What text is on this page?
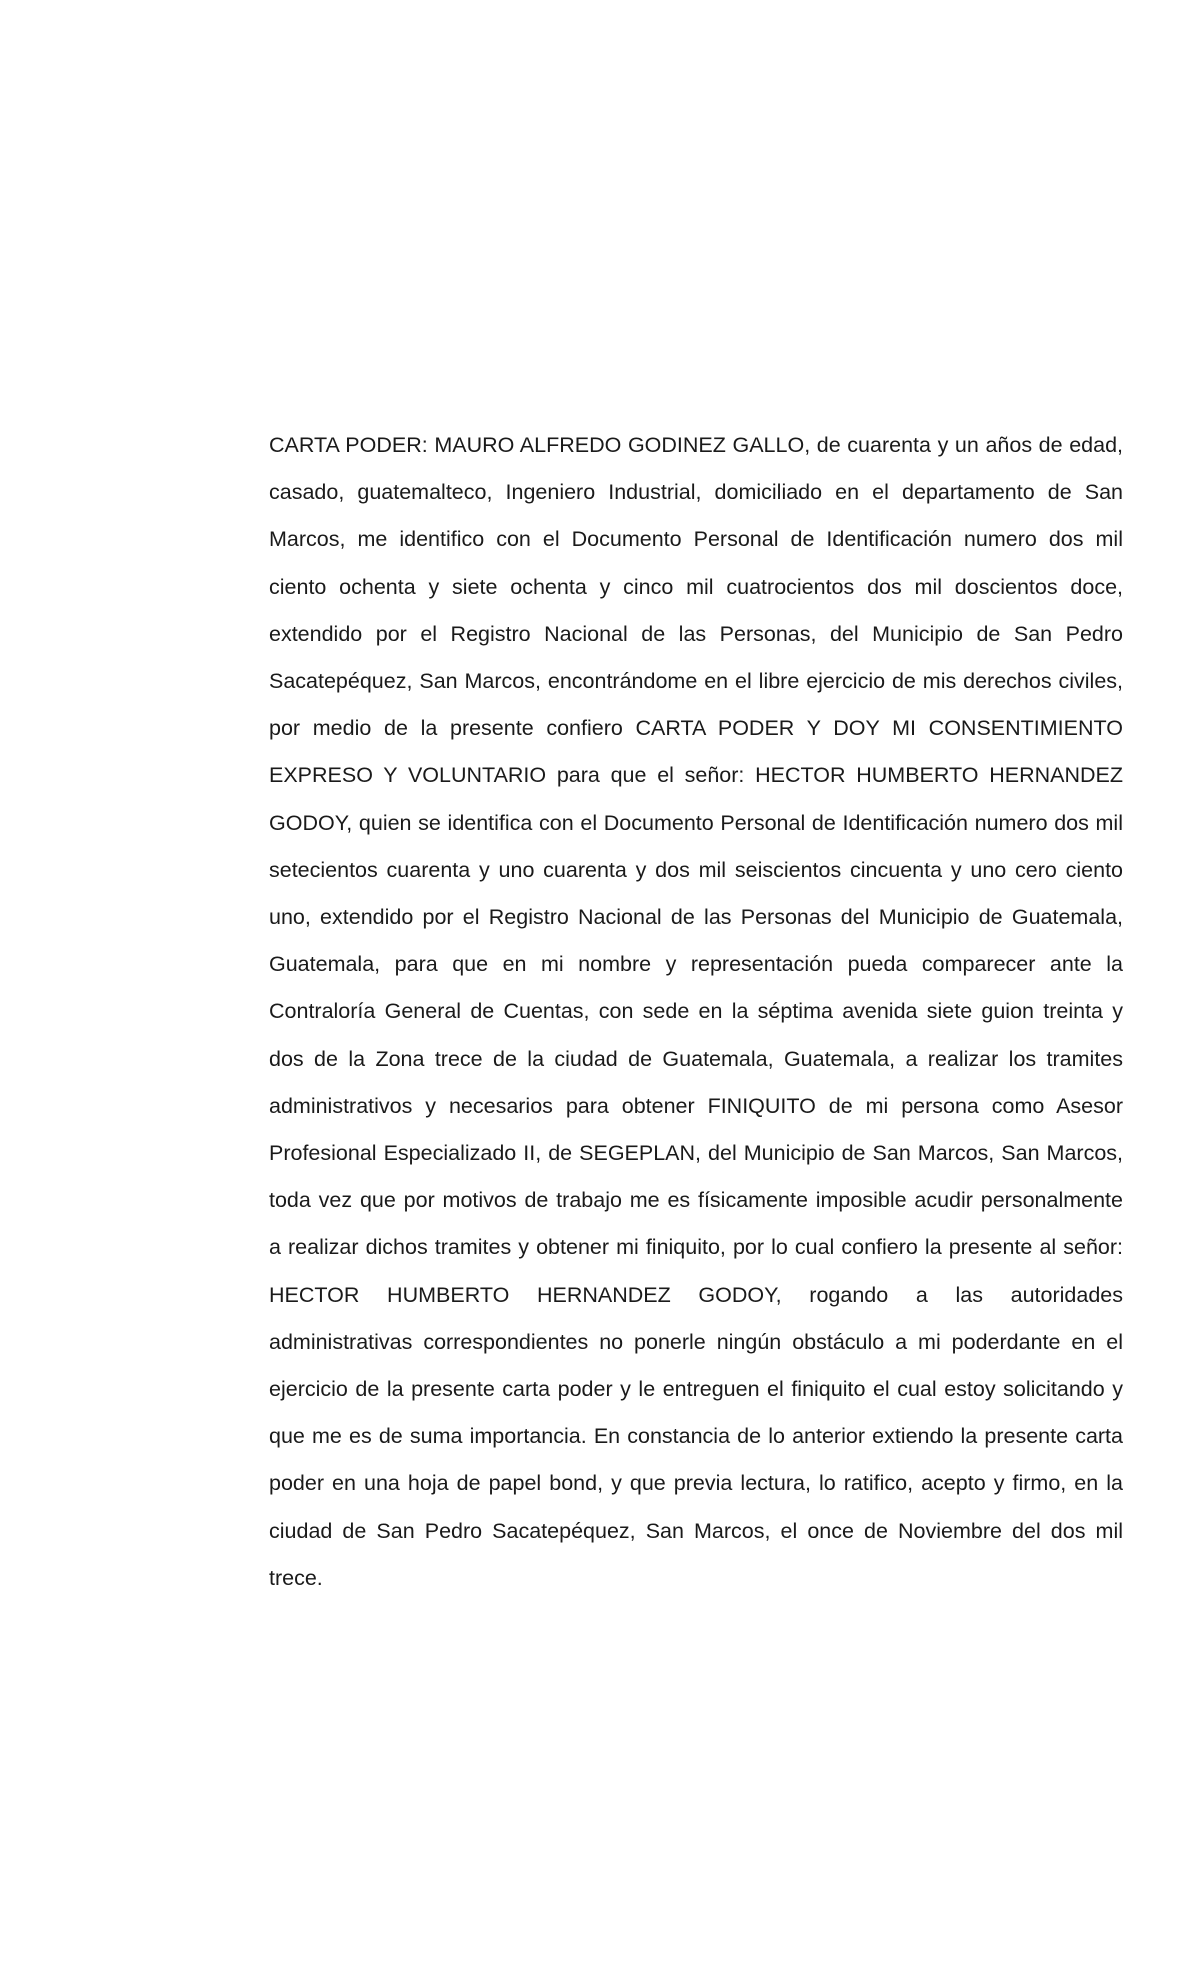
CARTA PODER: MAURO ALFREDO GODINEZ GALLO, de cuarenta y un años de edad, casado, guatemalteco, Ingeniero Industrial, domiciliado en el departamento de San Marcos, me identifico con el Documento Personal de Identificación numero dos mil ciento ochenta y siete ochenta y cinco mil cuatrocientos dos mil doscientos doce, extendido por el Registro Nacional de las Personas, del Municipio de San Pedro Sacatepéquez, San Marcos, encontrándome en el libre ejercicio de mis derechos civiles, por medio de la presente confiero CARTA PODER Y DOY MI CONSENTIMIENTO EXPRESO Y VOLUNTARIO para que el señor: HECTOR HUMBERTO HERNANDEZ GODOY, quien se identifica con el Documento Personal de Identificación numero dos mil setecientos cuarenta y uno cuarenta y dos mil seiscientos cincuenta y uno cero ciento uno, extendido por el Registro Nacional de las Personas del Municipio de Guatemala, Guatemala, para que en mi nombre y representación pueda comparecer ante la Contraloría General de Cuentas, con sede en la séptima avenida siete guion treinta y dos de la Zona trece de la ciudad de Guatemala, Guatemala, a realizar los tramites administrativos y necesarios para obtener FINIQUITO de mi persona como Asesor Profesional Especializado II, de SEGEPLAN, del Municipio de San Marcos, San Marcos, toda vez que por motivos de trabajo me es físicamente imposible acudir personalmente a realizar dichos tramites y obtener mi finiquito, por lo cual confiero la presente al señor: HECTOR HUMBERTO HERNANDEZ GODOY, rogando a las autoridades administrativas correspondientes no ponerle ningún obstáculo a mi poderdante en el ejercicio de la presente carta poder y le entreguen el finiquito el cual estoy solicitando y que me es de suma importancia. En constancia de lo anterior extiendo la presente carta poder en una hoja de papel bond, y que previa lectura, lo ratifico, acepto y firmo, en la ciudad de San Pedro Sacatepéquez, San Marcos, el once de Noviembre del dos mil trece.
